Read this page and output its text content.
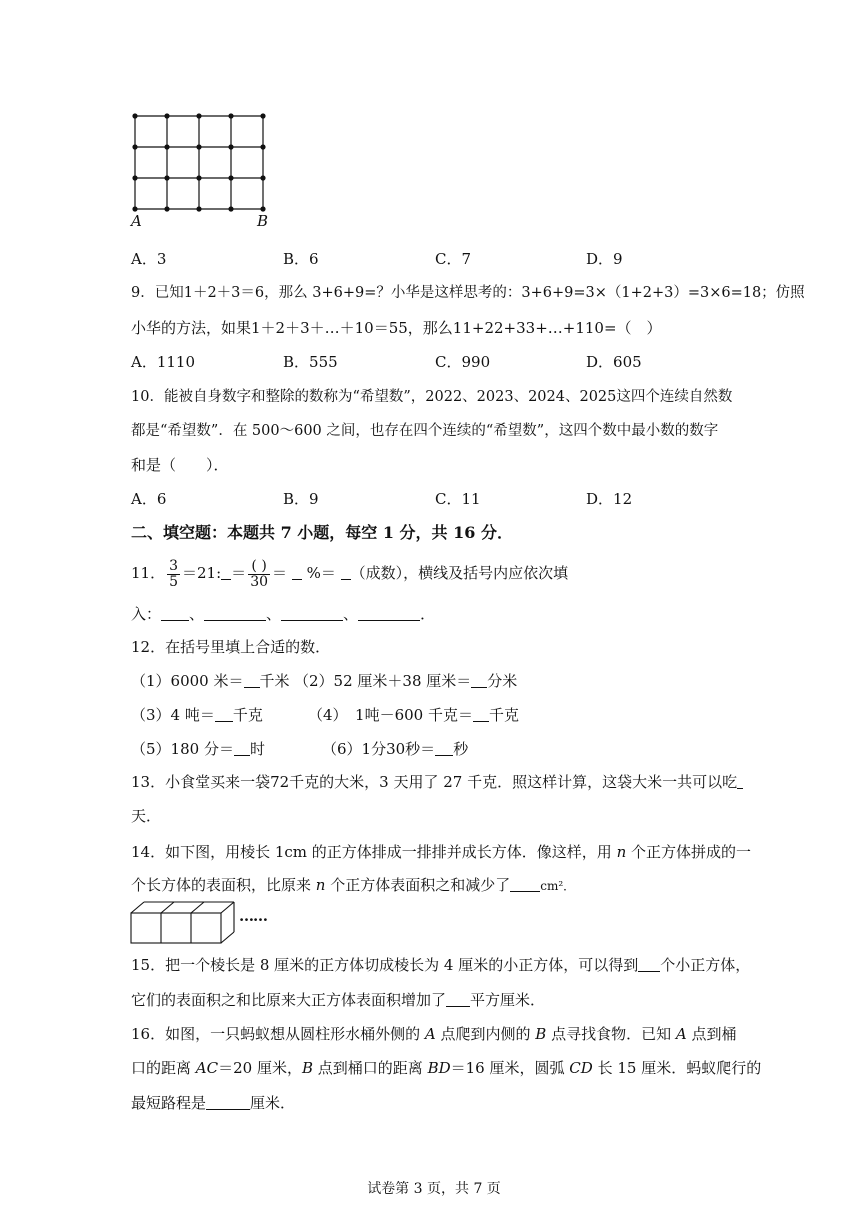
A	B
A．3	B．6	C．7	D．9
9．已知1＋2＋3＝6，那么 3+6+9=？小华是这样思考的：3+6+9=3×（1+2+3）=3×6=18；仿照
小华的方法，如果1＋2＋3＋…＋10＝55，那么11+22+33+…+110=（　）
A．1110	B．555	C．990	D．605
10．能被自身数字和整除的数称为“希望数”，2022、2023、2024、2025这四个连续自然数
都是“希望数”．在 500～600 之间，也存在四个连续的“希望数”，这四个数中最小数的数字
和是（　　）．
A．6	B．9	C．11	D．12
二、填空题：本题共 7 小题，每空 1 分，共 16 分．
11． $\frac{3}{5} =21$: ＝ $\frac{( )}{30}$ ＝ %＝ （成数），横线及括号内应依次填
入： 、	、	、	．
12．在括号里填上合适的数．
（1）6000 米＝ 千米 （2）52 厘米＋38 厘米＝ 分米
（3）4 吨＝ 千克	（4）　1吨－600 千克＝ 千克
（5）180 分＝ 时	（6）1分30秒＝ 秒
13．小食堂买来一袋72千克的大米，3 天用了 27 千克．照这样计算，这袋大米一共可以吃
天．
14．如下图，用棱长 1cm 的正方体排成一排排并成长方体．像这样，用 n 个正方体拼成的一
个长方体的表面积，比原来 n 个正方体表面积之和减少了	cm²．
……
15．把一个棱长是 8 厘米的正方体切成棱长为 4 厘米的小正方体，可以得到 个小正方体，
它们的表面积之和比原来大正方体表面积增加了 平方厘米．
16．如图，一只蚂蚁想从圆柱形水桶外侧的 A 点爬到内侧的 B 点寻找食物．已知 A 点到桶
口的距离 AC＝20 厘米，B 点到桶口的距离 BD＝16 厘米，圆弧 CD 长 15 厘米．蚂蚁爬行的
最短路程是	厘米．
试卷第 3 页，共 7 页
